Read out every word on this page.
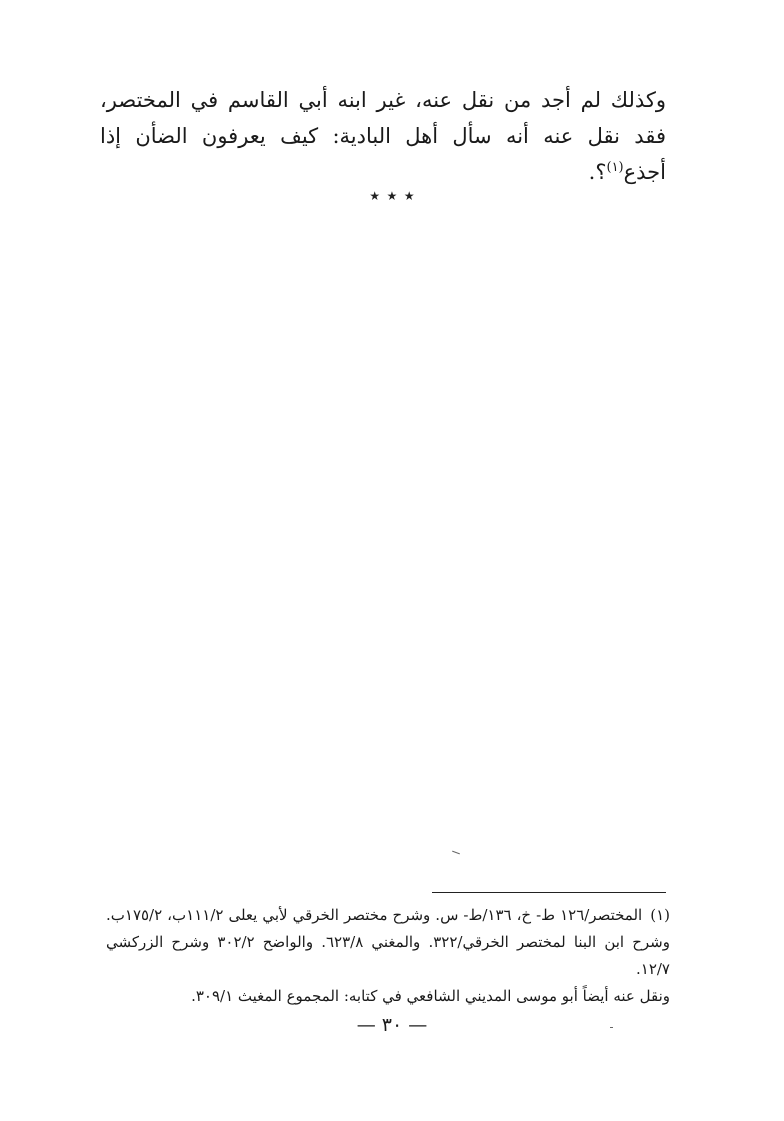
وكذلك لم أجد من نقل عنه، غير ابنه أبي القاسم في المختصر، فقد نقل عنه أنه سأل أهل البادية: كيف يعرفون الضأن إذا أجذع$^{(١)}$؟.

٭ ٭ ٭

(١)المختصر/١٢٦ ط- خ، ١٣٦/ط- س. وشرح مختصر الخرقي لأبي يعلى ١١١/٢ب، ١٧٥/٢ب. وشرح ابن البنا لمختصر الخرقي/٣٢٢. والمغني ٦٢٣/٨. والواضح ٣٠٢/٢ وشرح الزركشي ١٢/٧.

ونقل عنه أيضاً أبو موسى المديني الشافعي في كتابه: المجموع المغيث ٣٠٩/١.

— ٣٠ —
